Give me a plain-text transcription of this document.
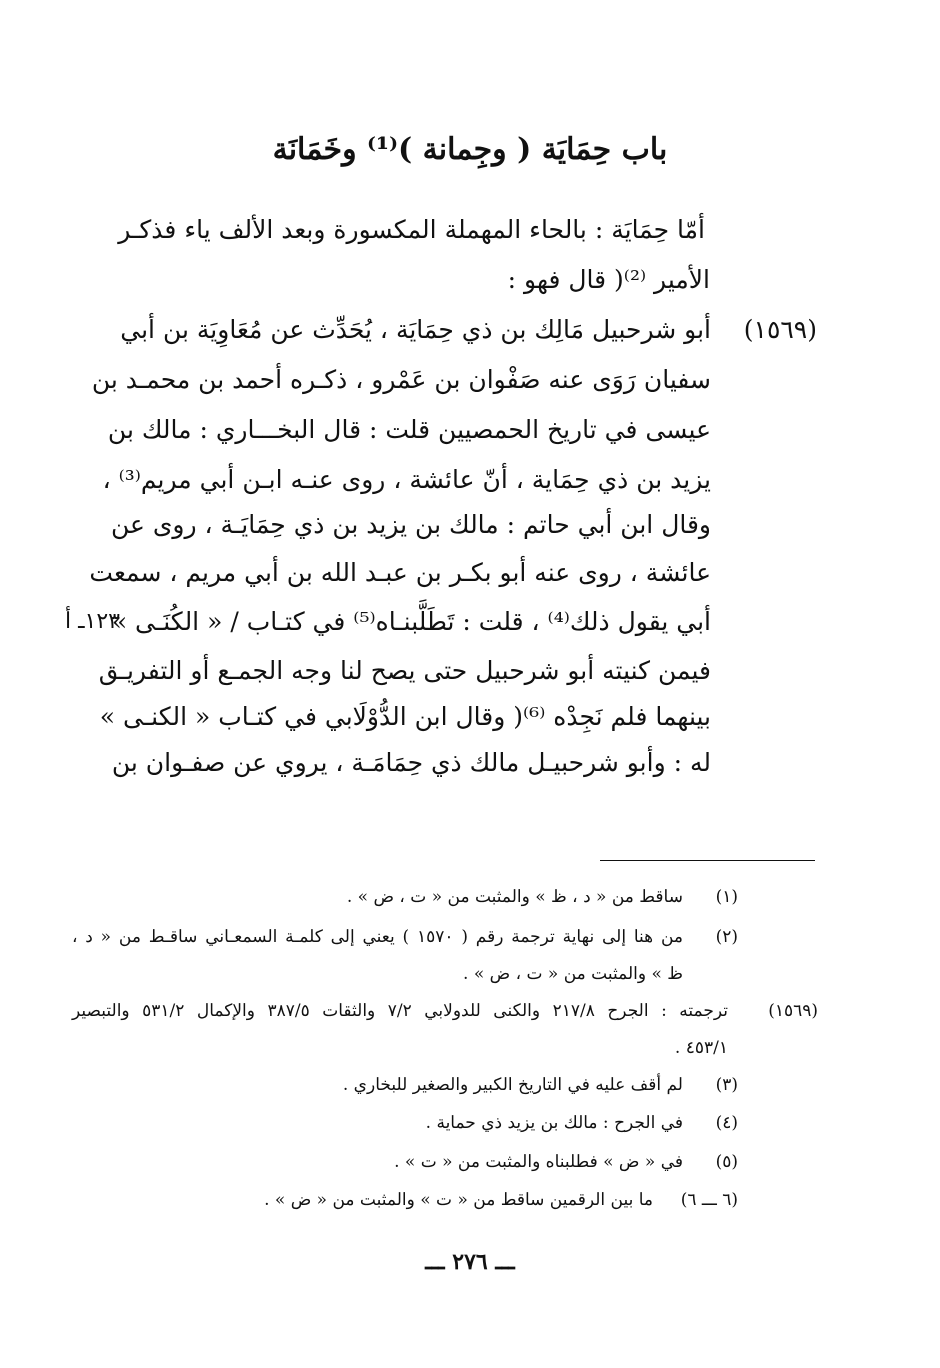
باب حِمَايَة ( وجِمانة )⁽¹⁾ وخَمَانَة
أمّا حِمَايَة : بالحاء المهملة المكسورة وبعد الألف ياء فذكـر
الأمير ⁽²⁾( قال فهو :
(١٥٦٩)
أبو شرحبيل مَالِك بن ذي حِمَايَة ، يُحَدِّث عن مُعَاوِيَة بن أبي
سفيان رَوَى عنه صَفْوان بن عَمْرو ، ذكـره أحمد بن محمـد بن
عيسى في تاريخ الحمصيين قلت : قال البخـــاري : مالك بن
يزيد بن ذي حِمَاية ، أنّ عائشة ، روى عنـه ابـن أبي مريم⁽³⁾ ،
وقال ابن أبي حاتم : مالك بن يزيد بن ذي حِمَايَـة ، روى عن
عائشة ، روى عنه أبو بكـر بن عبـد الله بن أبي مريم ، سمعت
أبي يقول ذلك⁽⁴⁾ ، قلت : تَطَلَّبنـاه⁽⁵⁾ في كتـاب / « الكُنَـى »
فيمن كنيته أبو شرحبيل حتى يصح لنا وجه الجمـع أو التفريـق
بينهما فلم نَجِدْه ⁽⁶⁾( وقال ابن الدُّوْلَابي في كتـاب « الكنـى »
له : وأبو شرحبيـل مالك ذي حِمَامَـة ، يروي عن صفـوان بن
١٢٣ـ أ
(١)
ساقط من « د ، ظ » والمثبت من « ت ، ض » .
(٢)
من هنا إلى نهاية ترجمة رقم ( ١٥٧٠ ) يعني إلى كلمـة السمعـاني ساقـط من « د ،
ظ » والمثبت من « ت ، ض » .
(١٥٦٩)
ترجمته : الجرح ٢١٧/٨ والكنى للدولابي ٧/٢ والثقات ٣٨٧/٥ والإكمال ٥٣١/٢ والتبصير
٤٥٣/١ .
(٣)
لم أقف عليه في التاريخ الكبير والصغير للبخاري .
(٤)
في الجرح : مالك بن يزيد ذي حماية .
(٥)
في « ض » فطلبناه والمثبت من « ت » .
(٦ ـــ ٦)
ما بين الرقمين ساقط من « ت » والمثبت من « ض » .
ـــ ٢٧٦ ـــ
